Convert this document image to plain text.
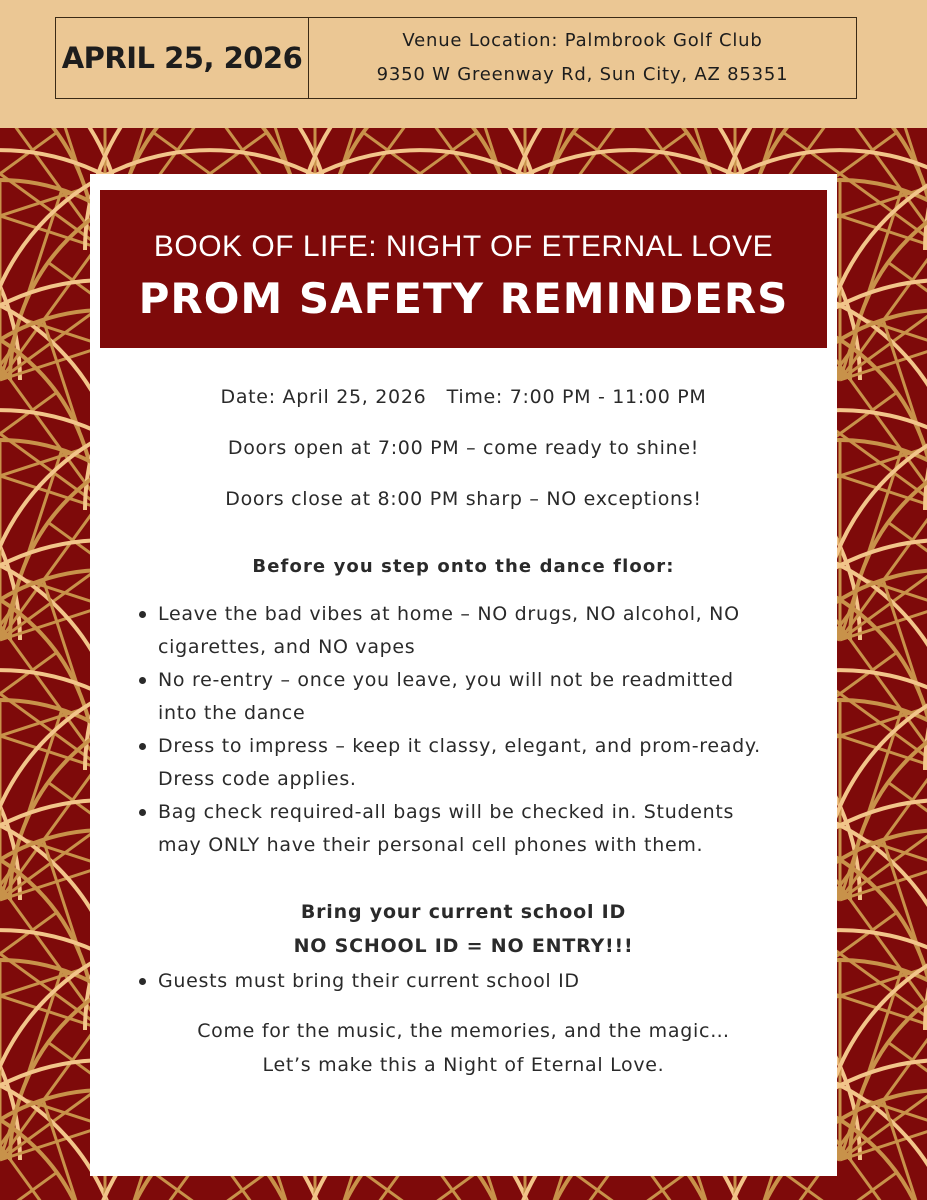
APRIL 25, 2026
Venue Location: Palmbrook Golf Club
9350 W Greenway Rd, Sun City, AZ 85351
BOOK OF LIFE: NIGHT OF ETERNAL LOVE
PROM SAFETY REMINDERS
Date: April 25, 2026   Time: 7:00 PM - 11:00 PM
Doors open at 7:00 PM – come ready to shine!
Doors close at 8:00 PM sharp – NO exceptions!
Before you step onto the dance floor:
Leave the bad vibes at home – NO drugs, NO alcohol, NO cigarettes, and NO vapes
No re-entry – once you leave, you will not be readmitted into the dance
Dress to impress – keep it classy, elegant, and prom-ready. Dress code applies.
Bag check required-all bags will be checked in. Students may ONLY have their personal cell phones with them.
Bring your current school ID
NO SCHOOL ID = NO ENTRY!!!
Guests must bring their current school ID
Come for the music, the memories, and the magic…
Let’s make this a Night of Eternal Love.
